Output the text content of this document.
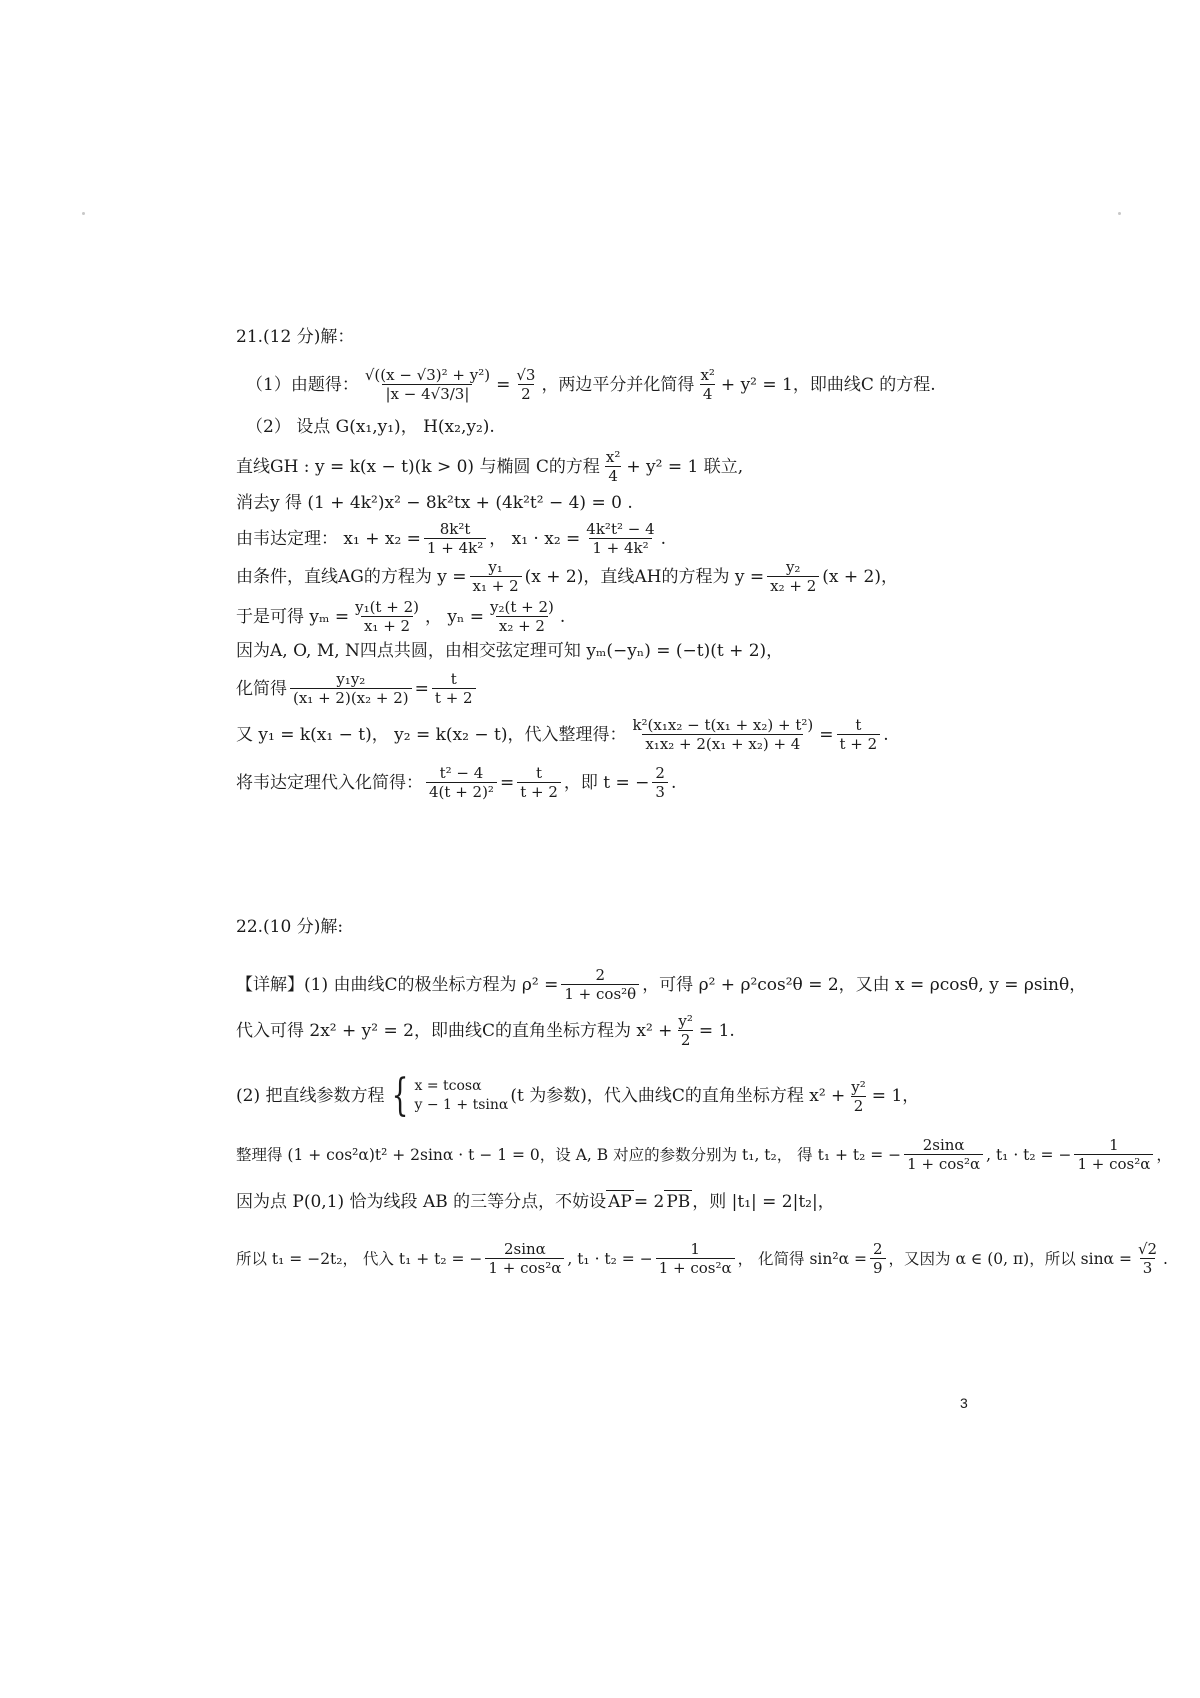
21.(12 分)解：
（1）由题得： $\frac{\text{√((x − √3)² + y²)}}{|x - 4√3/3|} = \frac{√3}{2}$ ，两边平分并化简得 $\frac{\text{x²}}{4} + y^2 = 1$ ，即曲线C 的方程.
（2） 设点 G(x₁,y₁)， H(x₂,y₂).
直线GH : y = k(x − t)(k > 0) 与椭圆 C的方程 $\frac{\text{x²}}{4} + y^2 = 1$ 联立,
消去y 得 (1 + 4k²)x² − 8k²tx + (4k²t² − 4) = 0 .
由韦达定理： $x_1 + x_2 = \frac{\text{8k²t}}{\text{1 + 4k²}}$ ， $x_1 \cdot x_2 = \frac{\text{4k²t² − 4}}{\text{1 + 4k²}}$ .
由条件，直线AG的方程为 $y = \frac{\text{y₁}}{\text{x₁ + 2}} (x + 2)$，直线AH的方程为 $y = \frac{\text{y₂}}{\text{x₂ + 2}} (x + 2)$，
于是可得 $y_m = \frac{\text{y₁(t + 2)}}{\text{x₁ + 2}}$ ， $y_n = \frac{\text{y₂(t + 2)}}{\text{x₂ + 2}}$ .
因为A, O, M, N四点共圆，由相交弦定理可知 yₘ(−yₙ) = (−t)(t + 2)，
化简得 $\frac{\text{y₁y₂}}{\text{(x₁ + 2)(x₂ + 2)}} = \frac{t}{t + 2}$
又 y₁ = k(x₁ − t)， y₂ = k(x₂ − t)，代入整理得： $\frac{\text{k²(x₁x₂ − t(x₁ + x₂) + t²)}}{\text{x₁x₂ + 2(x₁ + x₂) + 4}} = \frac{t}{t + 2}$ .
将韦达定理代入化简得： $\frac{\text{t² − 4}}{\text{4(t + 2)²}} = \frac{t}{t + 2}$ ，即 t = − $\frac{2}{3}$ .
22.(10 分)解:
【详解】(1) 由曲线C的极坐标方程为 $\rho^2 = \frac{2}{\text{1 + cos²θ}}$ ，可得 ρ² + ρ²cos²θ = 2，又由 x = ρcosθ, y = ρsinθ，
代入可得 2x² + y² = 2，即曲线C的直角坐标方程为 $x^2 + \frac{\text{y²}}{2} = 1$.
(2) 把直线参数方程 { x = tcosα
y − 1 + tsinα (t 为参数)，代入曲线C的直角坐标方程 $x^2 + \frac{\text{y²}}{2} = 1$，
整理得 (1 + cos²α)t² + 2sinα · t − 1 = 0，设 A, B 对应的参数分别为 t₁, t₂， 得 t₁ + t₂ = − $\frac{2\sin\alpha}{\text{1 + cos²α}}$ , t₁ · t₂ = − $\frac{1}{\text{1 + cos²α}}$ ，
因为点 P(0,1) 恰为线段 AB 的三等分点，不妨设 AP = 2 PB ，则 |t₁| = 2|t₂|，
所以 t₁ = −2t₂， 代入 t₁ + t₂ = − $\frac{2\sin\alpha}{\text{1 + cos²α}}$ , t₁ · t₂ = − $\frac{1}{\text{1 + cos²α}}$ ， 化简得 $\sin^2\alpha = \frac{2}{9}$ ，又因为 α ∈ (0, π)，所以 $\sin\alpha = \frac{√2}{3}$ .
3
